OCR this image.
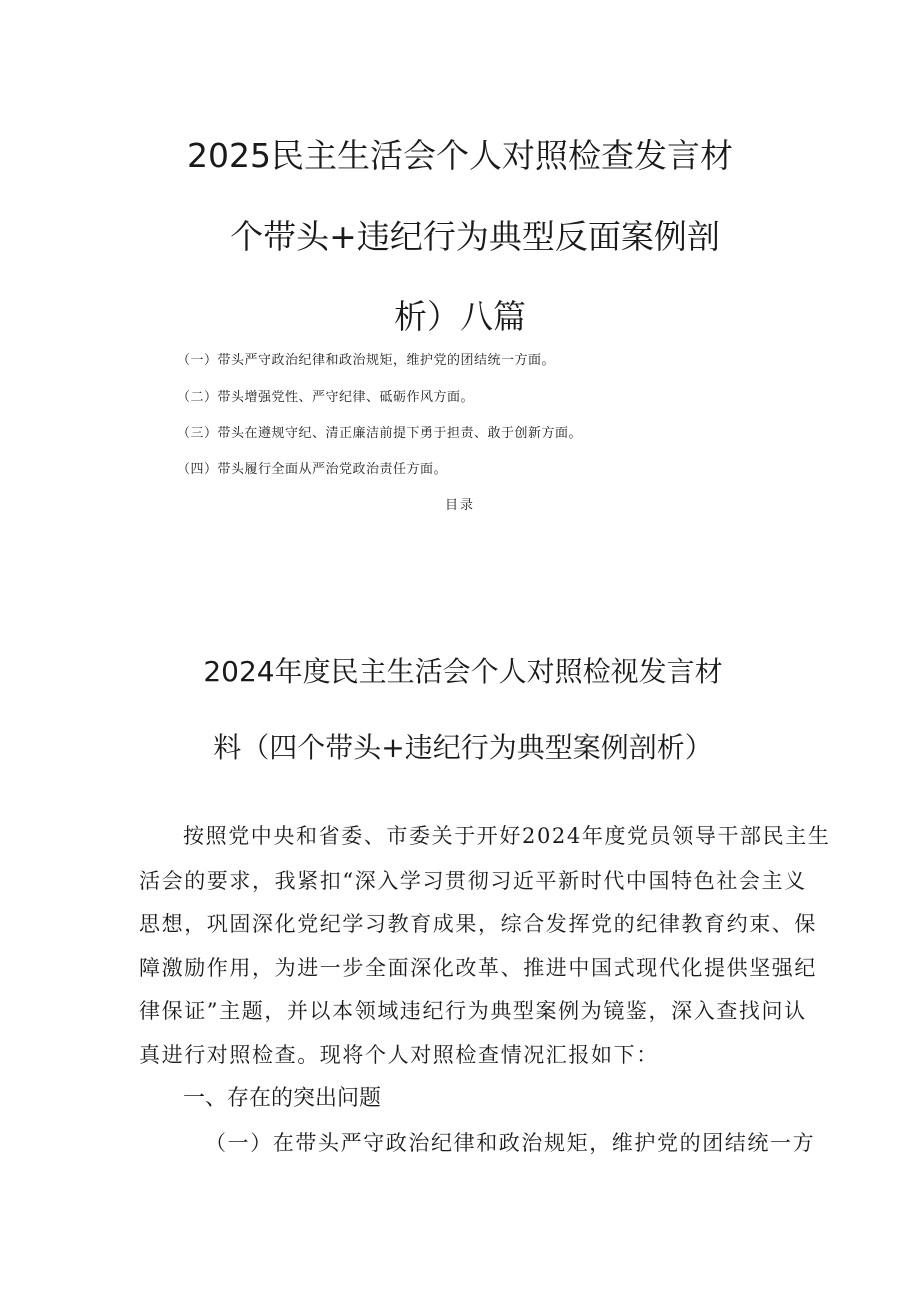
2025民主生活会个人对照检查发言材
个带头+违纪行为典型反面案例剖
析）八篇
（一）带头严守政治纪律和政治规矩，维护党的团结统一方面。
（二）带头增强党性、严守纪律、砥砺作风方面。
（三）带头在遵规守纪、清正廉洁前提下勇于担责、敢于创新方面。
（四）带头履行全面从严治党政治责任方面。
目录
2024年度民主生活会个人对照检视发言材
料（四个带头+违纪行为典型案例剖析）
按照党中央和省委、市委关于开好2024年度党员领导干部民主生
活会的要求，我紧扣“深入学习贯彻习近平新时代中国特色社会主义
思想，巩固深化党纪学习教育成果，综合发挥党的纪律教育约束、保
障激励作用，为进一步全面深化改革、推进中国式现代化提供坚强纪
律保证”主题，并以本领域违纪行为典型案例为镜鉴，深入查找问认
真进行对照检查。现将个人对照检查情况汇报如下：
一、存在的突出问题
（一）在带头严守政治纪律和政治规矩，维护党的团结统一方
